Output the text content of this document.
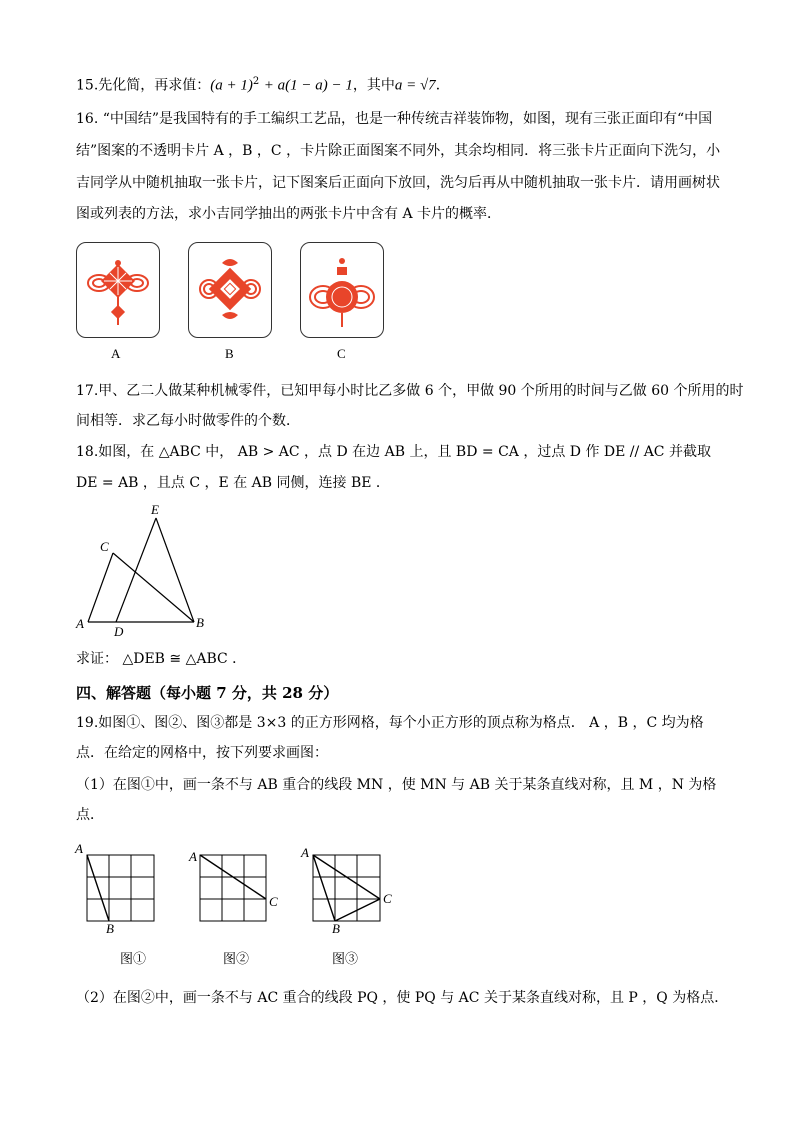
15.先化简，再求值：$(a + 1)^2 + a(1 - a) - 1$，其中a = √7．
16. “中国结”是我国特有的手工编织工艺品，也是一种传统吉祥装饰物，如图，现有三张正面印有“中国
结”图案的不透明卡片 A ，B ，C ，卡片除正面图案不同外，其余均相同．将三张卡片正面向下洗匀，小
吉同学从中随机抽取一张卡片，记下图案后正面向下放回，洗匀后再从中随机抽取一张卡片．请用画树状
图或列表的方法，求小吉同学抽出的两张卡片中含有 A 卡片的概率．
A	B	C
17.甲、乙二人做某种机械零件，已知甲每小时比乙多做 6 个，甲做 90 个所用的时间与乙做 60 个所用的时
间相等．求乙每小时做零件的个数．
18.如图，在 △ABC 中， AB > AC ，点 D 在边 AB 上，且 BD = CA ，过点 D 作 DE // AC 并截取
DE = AB ，且点 C ，E 在 AB 同侧，连接 BE ．
E
C
A
D
B
求证： △DEB ≅ △ABC ．
四、解答题（每小题 7 分，共 28 分）
19.如图①、图②、图③都是 3×3 的正方形网格，每个小正方形的顶点称为格点． A ，B ，C 均为格
点．在给定的网格中，按下列要求画图：
（1）在图①中，画一条不与 AB 重合的线段 MN ，使 MN 与 AB 关于某条直线对称，且 M ，N 为格
点．
A
B
A
C
A
B
C
图①	图②	图③
（2）在图②中，画一条不与 AC 重合的线段 PQ ，使 PQ 与 AC 关于某条直线对称，且 P ，Q 为格点．
